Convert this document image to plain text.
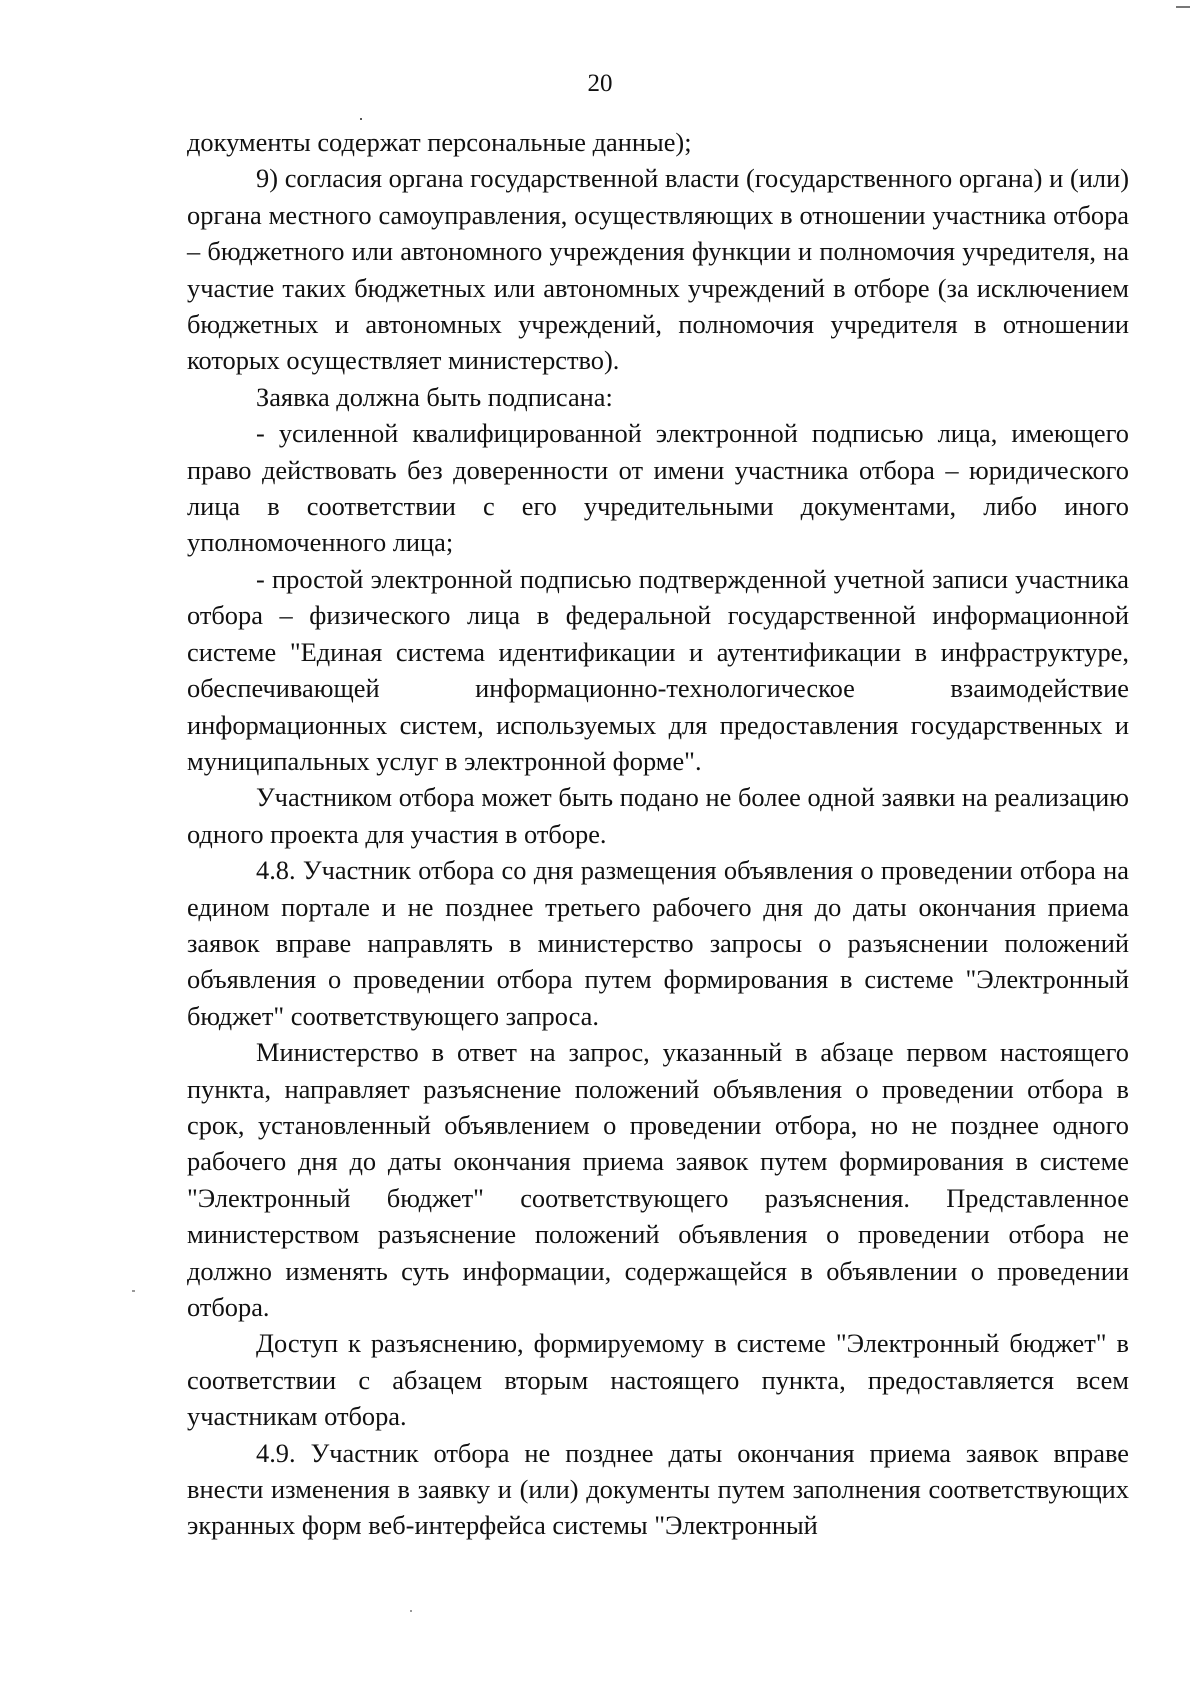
20

документы содержат персональные данные);

9) согласия органа государственной власти (государственного органа) и (или) органа местного самоуправления, осуществляющих в отношении участника отбора – бюджетного или автономного учреждения функции и полномочия учредителя, на участие таких бюджетных или автономных учреждений в отборе (за исключением бюджетных и автономных учреждений, полномочия учредителя в отношении которых осуществляет министерство).

Заявка должна быть подписана:

- усиленной квалифицированной электронной подписью лица, имеющего право действовать без доверенности от имени участника отбора – юридического лица в соответствии с его учредительными документами, либо иного уполномоченного лица;

- простой электронной подписью подтвержденной учетной записи участника отбора – физического лица в федеральной государственной информационной системе "Единая система идентификации и аутентификации в инфраструктуре, обеспечивающей информационно-технологическое взаимодействие информационных систем, используемых для предоставления государственных и муниципальных услуг в электронной форме".

Участником отбора может быть подано не более одной заявки на реализацию одного проекта для участия в отборе.

4.8. Участник отбора со дня размещения объявления о проведении отбора на едином портале и не позднее третьего рабочего дня до даты окончания приема заявок вправе направлять в министерство запросы о разъяснении положений объявления о проведении отбора путем формирования в системе "Электронный бюджет" соответствующего запроса.

Министерство в ответ на запрос, указанный в абзаце первом настоящего пункта, направляет разъяснение положений объявления о проведении отбора в срок, установленный объявлением о проведении отбора, но не позднее одного рабочего дня до даты окончания приема заявок путем формирования в системе "Электронный бюджет" соответствующего разъяснения. Представленное министерством разъяснение положений объявления о проведении отбора не должно изменять суть информации, содержащейся в объявлении о проведении отбора.

Доступ к разъяснению, формируемому в системе "Электронный бюджет" в соответствии с абзацем вторым настоящего пункта, предоставляется всем участникам отбора.

4.9. Участник отбора не позднее даты окончания приема заявок вправе внести изменения в заявку и (или) документы путем заполнения соответствующих экранных форм веб-интерфейса системы "Электронный
